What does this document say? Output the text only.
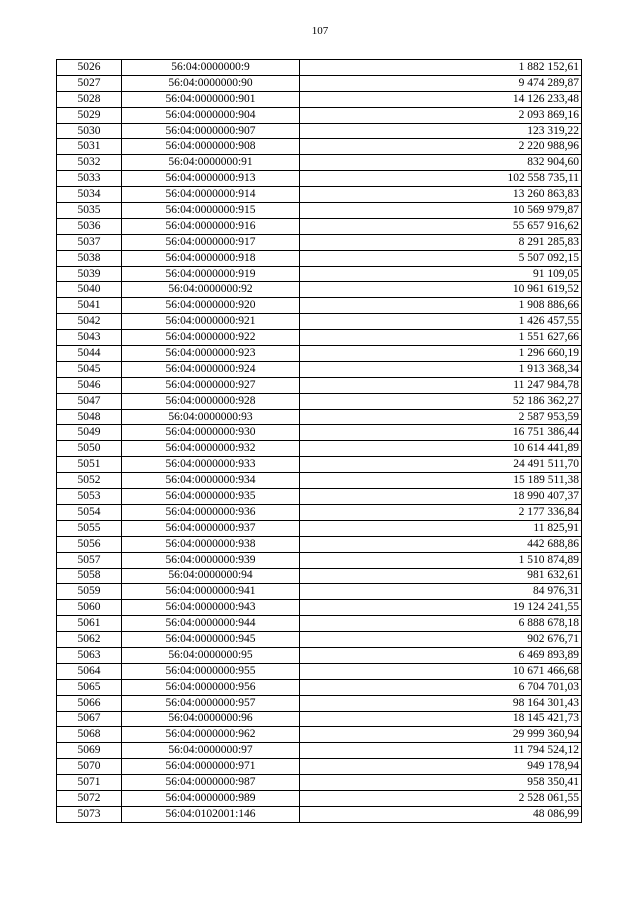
107
5026	56:04:0000000:9	1 882 152,61
5027	56:04:0000000:90	9 474 289,87
5028	56:04:0000000:901	14 126 233,48
5029	56:04:0000000:904	2 093 869,16
5030	56:04:0000000:907	123 319,22
5031	56:04:0000000:908	2 220 988,96
5032	56:04:0000000:91	832 904,60
5033	56:04:0000000:913	102 558 735,11
5034	56:04:0000000:914	13 260 863,83
5035	56:04:0000000:915	10 569 979,87
5036	56:04:0000000:916	55 657 916,62
5037	56:04:0000000:917	8 291 285,83
5038	56:04:0000000:918	5 507 092,15
5039	56:04:0000000:919	91 109,05
5040	56:04:0000000:92	10 961 619,52
5041	56:04:0000000:920	1 908 886,66
5042	56:04:0000000:921	1 426 457,55
5043	56:04:0000000:922	1 551 627,66
5044	56:04:0000000:923	1 296 660,19
5045	56:04:0000000:924	1 913 368,34
5046	56:04:0000000:927	11 247 984,78
5047	56:04:0000000:928	52 186 362,27
5048	56:04:0000000:93	2 587 953,59
5049	56:04:0000000:930	16 751 386,44
5050	56:04:0000000:932	10 614 441,89
5051	56:04:0000000:933	24 491 511,70
5052	56:04:0000000:934	15 189 511,38
5053	56:04:0000000:935	18 990 407,37
5054	56:04:0000000:936	2 177 336,84
5055	56:04:0000000:937	11 825,91
5056	56:04:0000000:938	442 688,86
5057	56:04:0000000:939	1 510 874,89
5058	56:04:0000000:94	981 632,61
5059	56:04:0000000:941	84 976,31
5060	56:04:0000000:943	19 124 241,55
5061	56:04:0000000:944	6 888 678,18
5062	56:04:0000000:945	902 676,71
5063	56:04:0000000:95	6 469 893,89
5064	56:04:0000000:955	10 671 466,68
5065	56:04:0000000:956	6 704 701,03
5066	56:04:0000000:957	98 164 301,43
5067	56:04:0000000:96	18 145 421,73
5068	56:04:0000000:962	29 999 360,94
5069	56:04:0000000:97	11 794 524,12
5070	56:04:0000000:971	949 178,94
5071	56:04:0000000:987	958 350,41
5072	56:04:0000000:989	2 528 061,55
5073	56:04:0102001:146	48 086,99
